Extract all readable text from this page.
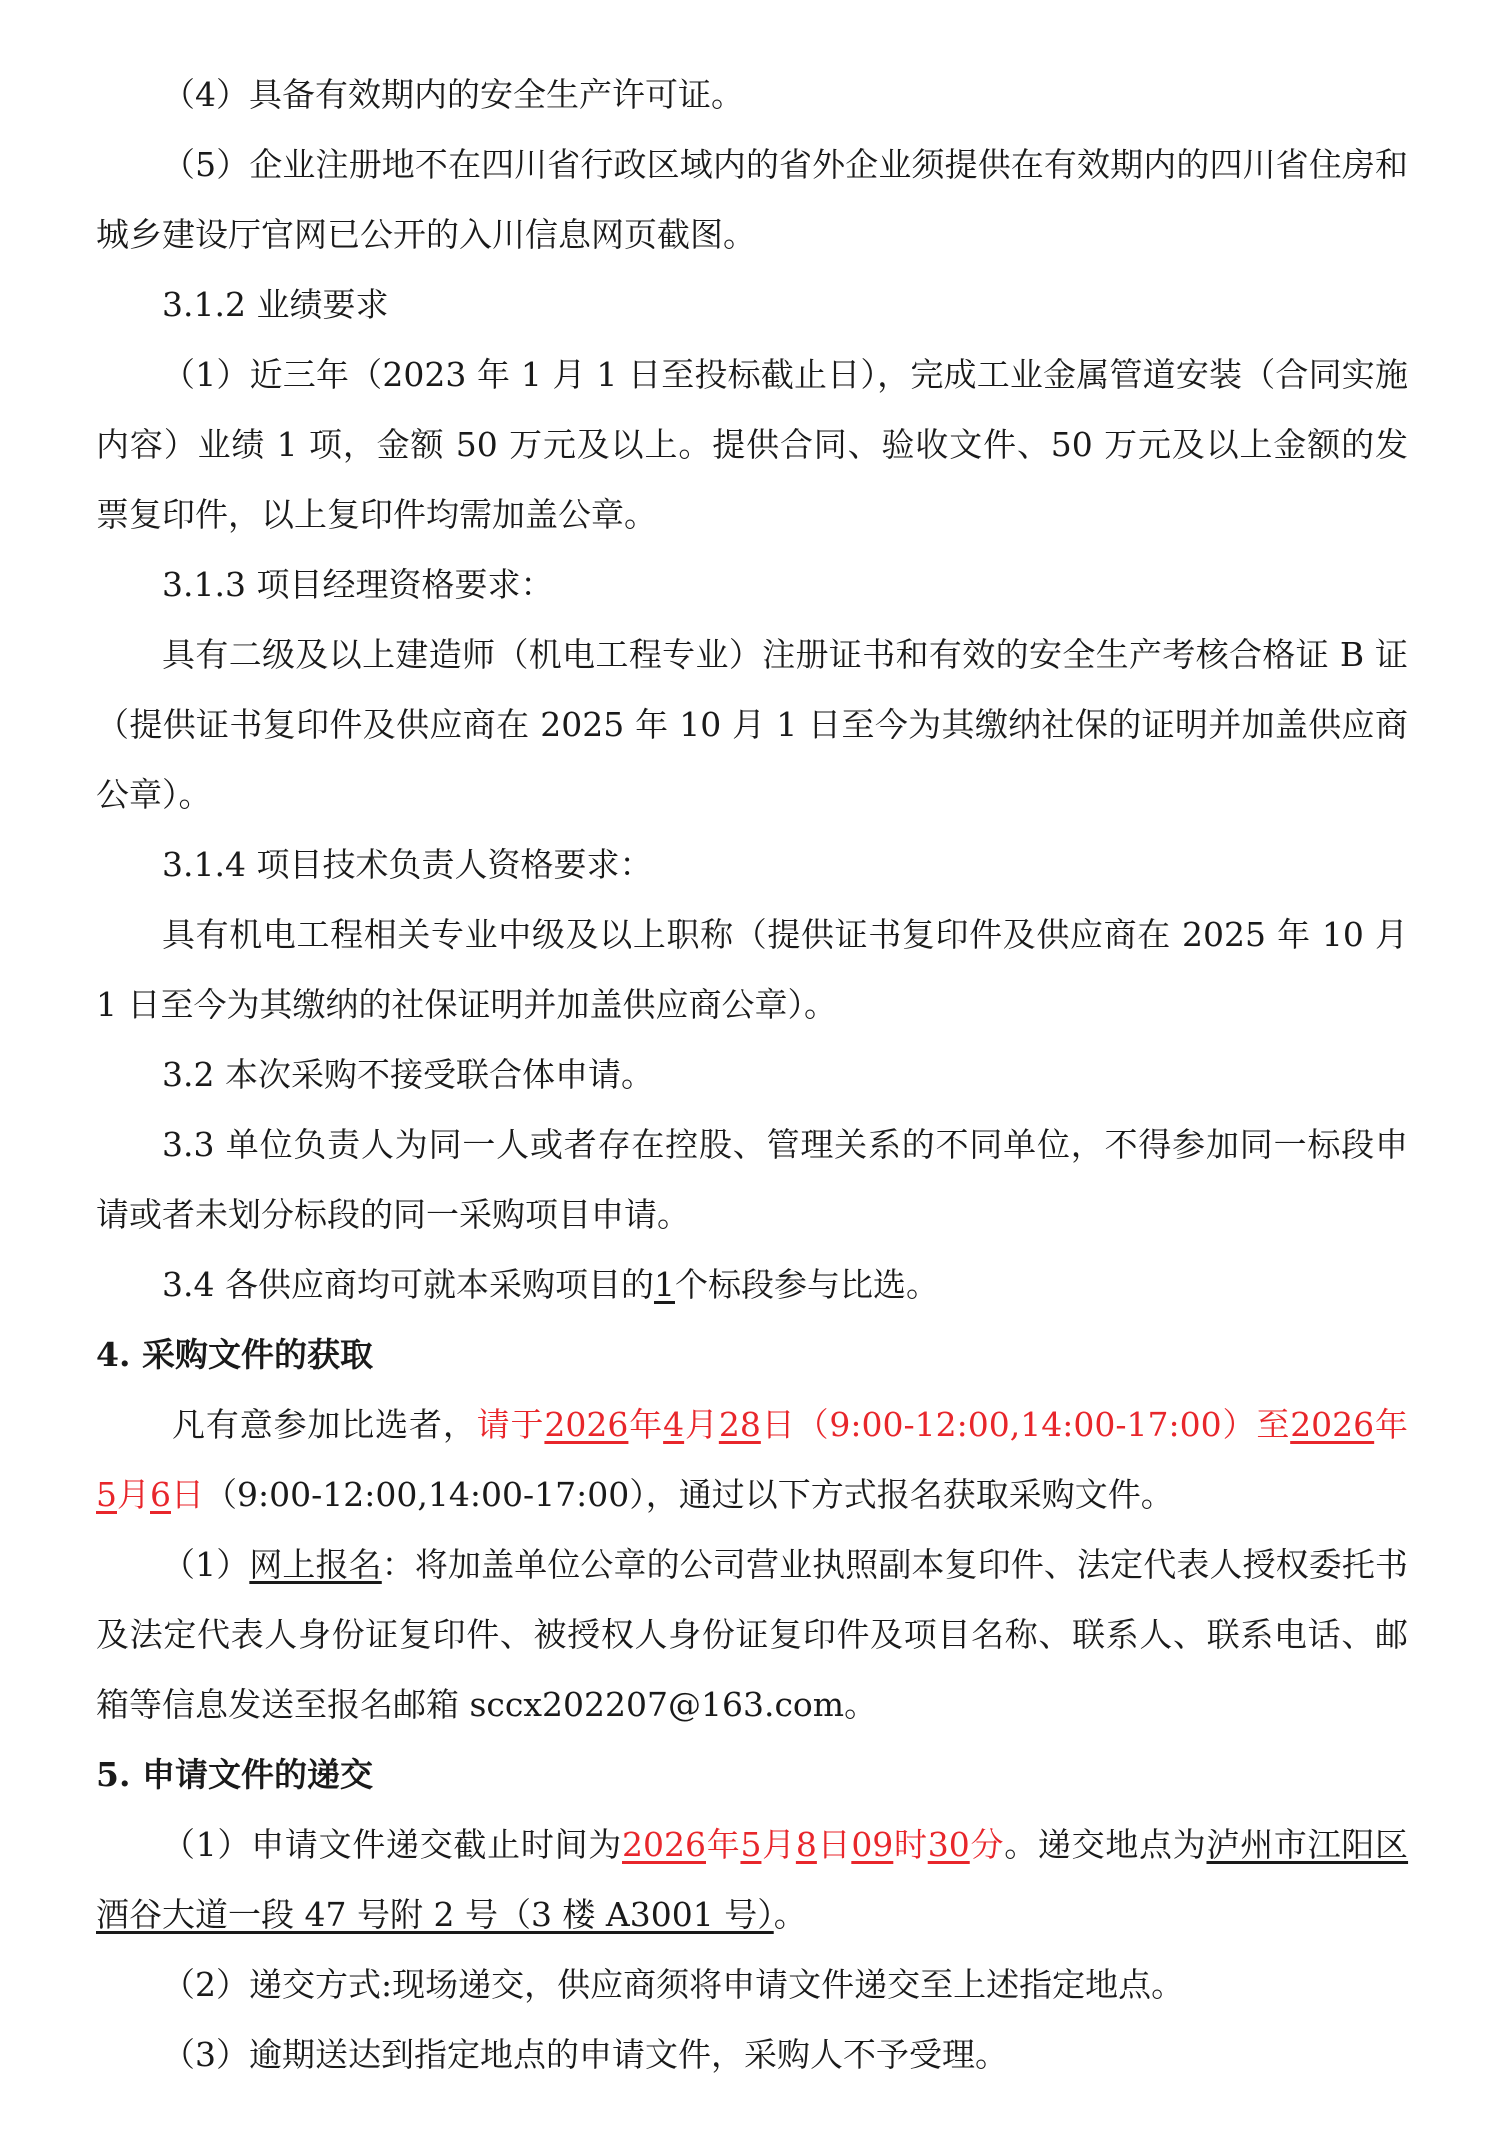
（4）具备有效期内的安全生产许可证。

（5）企业注册地不在四川省行政区域内的省外企业须提供在有效期内的四川省住房和城乡建设厅官网已公开的入川信息网页截图。

3.1.2 业绩要求

（1）近三年（2023 年 1 月 1 日至投标截止日），完成工业金属管道安装（合同实施内容）业绩 1 项，金额 50 万元及以上。提供合同、验收文件、50 万元及以上金额的发票复印件，以上复印件均需加盖公章。

3.1.3 项目经理资格要求：

具有二级及以上建造师（机电工程专业）注册证书和有效的安全生产考核合格证 B 证（提供证书复印件及供应商在 2025 年 10 月 1 日至今为其缴纳社保的证明并加盖供应商公章）。

3.1.4 项目技术负责人资格要求：

具有机电工程相关专业中级及以上职称（提供证书复印件及供应商在 2025 年 10 月 1 日至今为其缴纳的社保证明并加盖供应商公章）。

3.2 本次采购不接受联合体申请。

3.3 单位负责人为同一人或者存在控股、管理关系的不同单位，不得参加同一标段申请或者未划分标段的同一采购项目申请。

3.4 各供应商均可就本采购项目的1个标段参与比选。

4. 采购文件的获取

凡有意参加比选者，请于2026年4月28日（9:00-12:00,14:00-17:00）至2026年5月6日（9:00-12:00,14:00-17:00），通过以下方式报名获取采购文件。

（1）网上报名：将加盖单位公章的公司营业执照副本复印件、法定代表人授权委托书及法定代表人身份证复印件、被授权人身份证复印件及项目名称、联系人、联系电话、邮箱等信息发送至报名邮箱 sccx202207@163.com。

5. 申请文件的递交

（1）申请文件递交截止时间为2026年5月8日09时30分。递交地点为泸州市江阳区酒谷大道一段 47 号附 2 号（3 楼 A3001 号）。

（2）递交方式:现场递交，供应商须将申请文件递交至上述指定地点。

（3）逾期送达到指定地点的申请文件，采购人不予受理。
